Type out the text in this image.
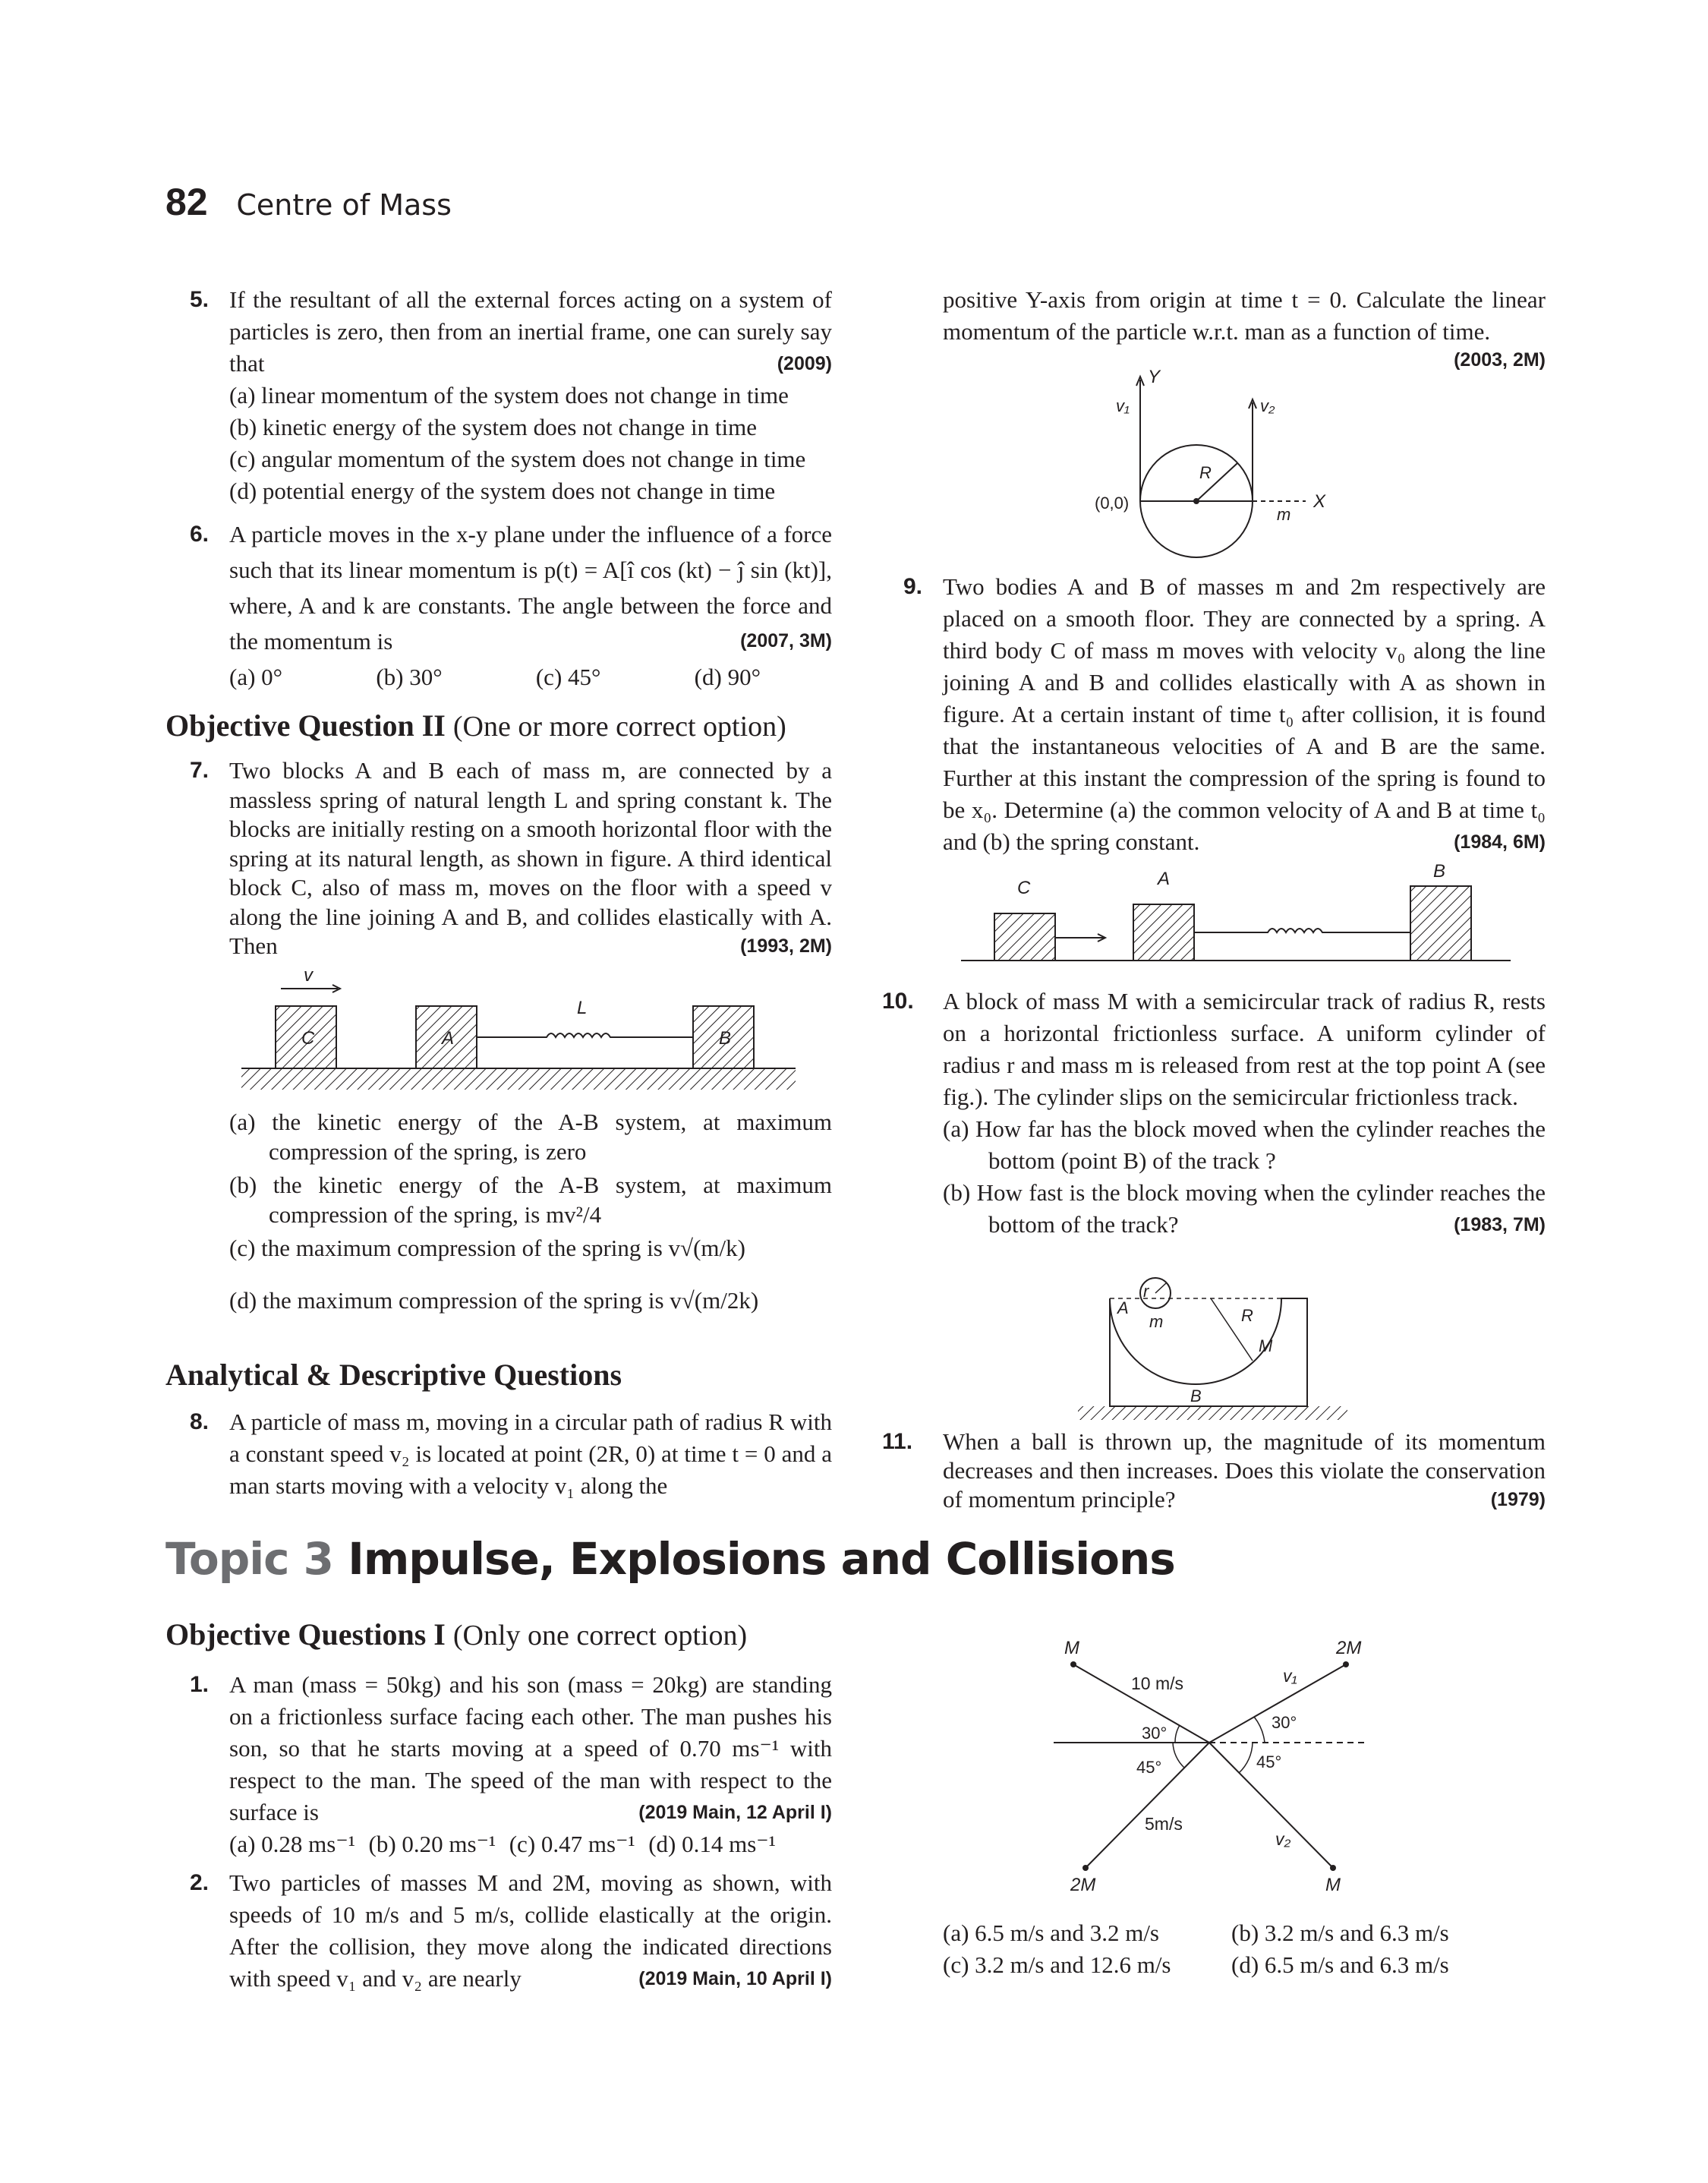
82 Centre of Mass
5. If the resultant of all the external forces acting on a system of particles is zero, then from an inertial frame, one can surely say that	(2009)
(a) linear momentum of the system does not change in time
(b) kinetic energy of the system does not change in time
(c) angular momentum of the system does not change in time
(d) potential energy of the system does not change in time
6. A particle moves in the x-y plane under the influence of a force such that its linear momentum is p(t) = A[î cos (kt) − ĵ sin (kt)], where, A and k are constants. The angle between the force and the momentum is	(2007, 3M)
(a) 0°	(b) 30°	(c) 45°	(d) 90°
Objective Question II (One or more correct option)
7. Two blocks A and B each of mass m, are connected by a massless spring of natural length L and spring constant k. The blocks are initially resting on a smooth horizontal floor with the spring at its natural length, as shown in figure. A third identical block C, also of mass m, moves on the floor with a speed v along the line joining A and B, and collides elastically with A. Then	(1993, 2M)
v
C	A	B
L
(a) the kinetic energy of the A-B system, at maximum compression of the spring, is zero
(b) the kinetic energy of the A-B system, at maximum compression of the spring, is mv²/4
(c) the maximum compression of the spring is v√(m/k)
(d) the maximum compression of the spring is v√(m/2k)
Analytical & Descriptive Questions
8. A particle of mass m, moving in a circular path of radius R with a constant speed v₂ is located at point (2R, 0) at time t = 0 and a man starts moving with a velocity v₁ along the
Topic 3 Impulse, Explosions and Collisions
Objective Questions I (Only one correct option)
1. A man (mass = 50kg) and his son (mass = 20kg) are standing on a frictionless surface facing each other. The man pushes his son, so that he starts moving at a speed of 0.70 ms⁻¹ with respect to the man. The speed of the man with respect to the surface is	(2019 Main, 12 April I)
(a) 0.28 ms⁻¹ (b) 0.20 ms⁻¹ (c) 0.47 ms⁻¹ (d) 0.14 ms⁻¹
2. Two particles of masses M and 2M, moving as shown, with speeds of 10 m/s and 5 m/s, collide elastically at the origin. After the collision, they move along the indicated directions with speed v₁ and v₂ are nearly	(2019 Main, 10 April I)
positive Y-axis from origin at time t = 0. Calculate the linear momentum of the particle w.r.t. man as a function of time.
(2003, 2M)
Y
v₁	v₂
X
R
(0,0)
m
9. Two bodies A and B of masses m and 2m respectively are placed on a smooth floor. They are connected by a spring. A third body C of mass m moves with velocity v₀ along the line joining A and B and collides elastically with A as shown in figure. At a certain instant of time t₀ after collision, it is found that the instantaneous velocities of A and B are the same. Further at this instant the compression of the spring is found to be x₀. Determine (a) the common velocity of A and B at time t₀ and (b) the spring constant.	(1984, 6M)
C	A	B
10. A block of mass M with a semicircular track of radius R, rests on a horizontal frictionless surface. A uniform cylinder of radius r and mass m is released from rest at the top point A (see fig.). The cylinder slips on the semicircular frictionless track.
(a) How far has the block moved when the cylinder reaches the bottom (point B) of the track ?
(b) How fast is the block moving when the cylinder reaches the bottom of the track?	(1983, 7M)
r
A
m	R
M
B
11. When a ball is thrown up, the magnitude of its momentum decreases and then increases. Does this violate the conservation of momentum principle?	(1979)
M	2M
2M	M
10 m/s
5m/s
v₁
v₂
30°
30°
45°	45°
(a) 6.5 m/s and 3.2 m/s	(b) 3.2 m/s and 6.3 m/s
(c) 3.2 m/s and 12.6 m/s	(d) 6.5 m/s and 6.3 m/s
